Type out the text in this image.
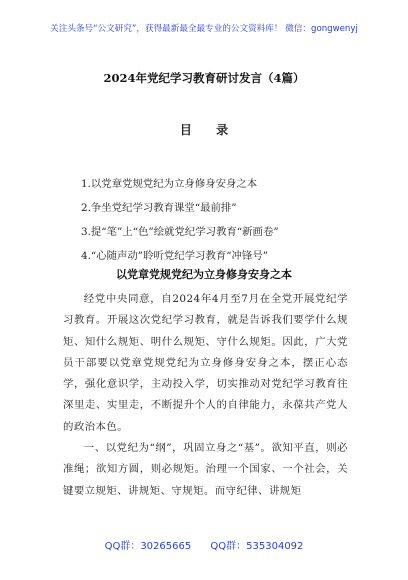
关注头条号“公文研究”，获得最新最全最专业的公文资料库！ 微信：gongwenyj
2024年党纪学习教育研讨发言（4篇）
目 录
1.以党章党规党纪为立身修身安身之本
2.争坐党纪学习教育课堂“最前排”
3.提“笔”上“色”绘就党纪学习教育“新画卷”
4.“心随声动”聆听党纪学习教育“冲锋号”
以党章党规党纪为立身修身安身之本

经党中央同意，自2024年4月至7月在全党开展党纪学习教育。开展这次党纪学习教育，就是告诉我们要学什么规矩、知什么规矩、明什么规矩、守什么规矩。因此，广大党员干部要以党章党规党纪为立身修身安身之本，摆正心态学，强化意识学，主动投入学，切实推动对党纪学习教育往深里走、实里走，不断提升个人的自律能力，永葆共产党人的政治本色。

一、以党纪为“纲”，巩固立身之“基”。欲知平直，则必准绳；欲知方圆，则必规矩。治理一个国家、一个社会，关键要立规矩、讲规矩、守规矩。而守纪律、讲规矩

QQ群：30265665 QQ群：535304092
